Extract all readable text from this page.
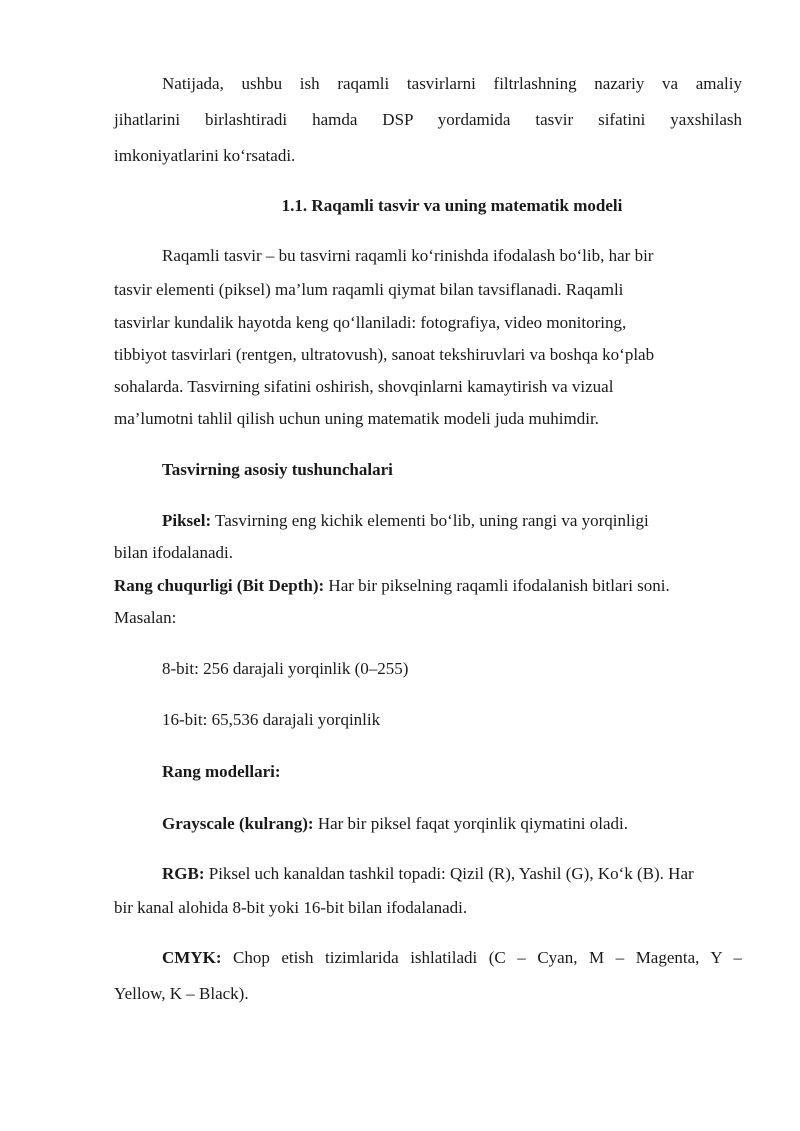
Natijada, ushbu ish raqamli tasvirlarni filtrlashning nazariy va amaliy

jihatlarini birlashtiradi hamda DSP yordamida tasvir sifatini yaxshilash

imkoniyatlarini ko‘rsatadi.

1.1. Raqamli tasvir va uning matematik modeli

Raqamli tasvir – bu tasvirni raqamli ko‘rinishda ifodalash bo‘lib, har bir

tasvir elementi (piksel) ma’lum raqamli qiymat bilan tavsiflanadi. Raqamli

tasvirlar kundalik hayotda keng qo‘llaniladi: fotografiya, video monitoring,

tibbiyot tasvirlari (rentgen, ultratovush), sanoat tekshiruvlari va boshqa ko‘plab

sohalarda. Tasvirning sifatini oshirish, shovqinlarni kamaytirish va vizual

ma’lumotni tahlil qilish uchun uning matematik modeli juda muhimdir.

Tasvirning asosiy tushunchalari

Piksel: Tasvirning eng kichik elementi bo‘lib, uning rangi va yorqinligi

bilan ifodalanadi.

Rang chuqurligi (Bit Depth): Har bir pikselning raqamli ifodalanish bitlari soni.

Masalan:

8-bit: 256 darajali yorqinlik (0–255)

16-bit: 65,536 darajali yorqinlik

Rang modellari:

Grayscale (kulrang): Har bir piksel faqat yorqinlik qiymatini oladi.

RGB: Piksel uch kanaldan tashkil topadi: Qizil (R), Yashil (G), Ko‘k (B). Har

bir kanal alohida 8-bit yoki 16-bit bilan ifodalanadi.

CMYK: Chop etish tizimlarida ishlatiladi (C – Cyan, M – Magenta, Y –

Yellow, K – Black).
